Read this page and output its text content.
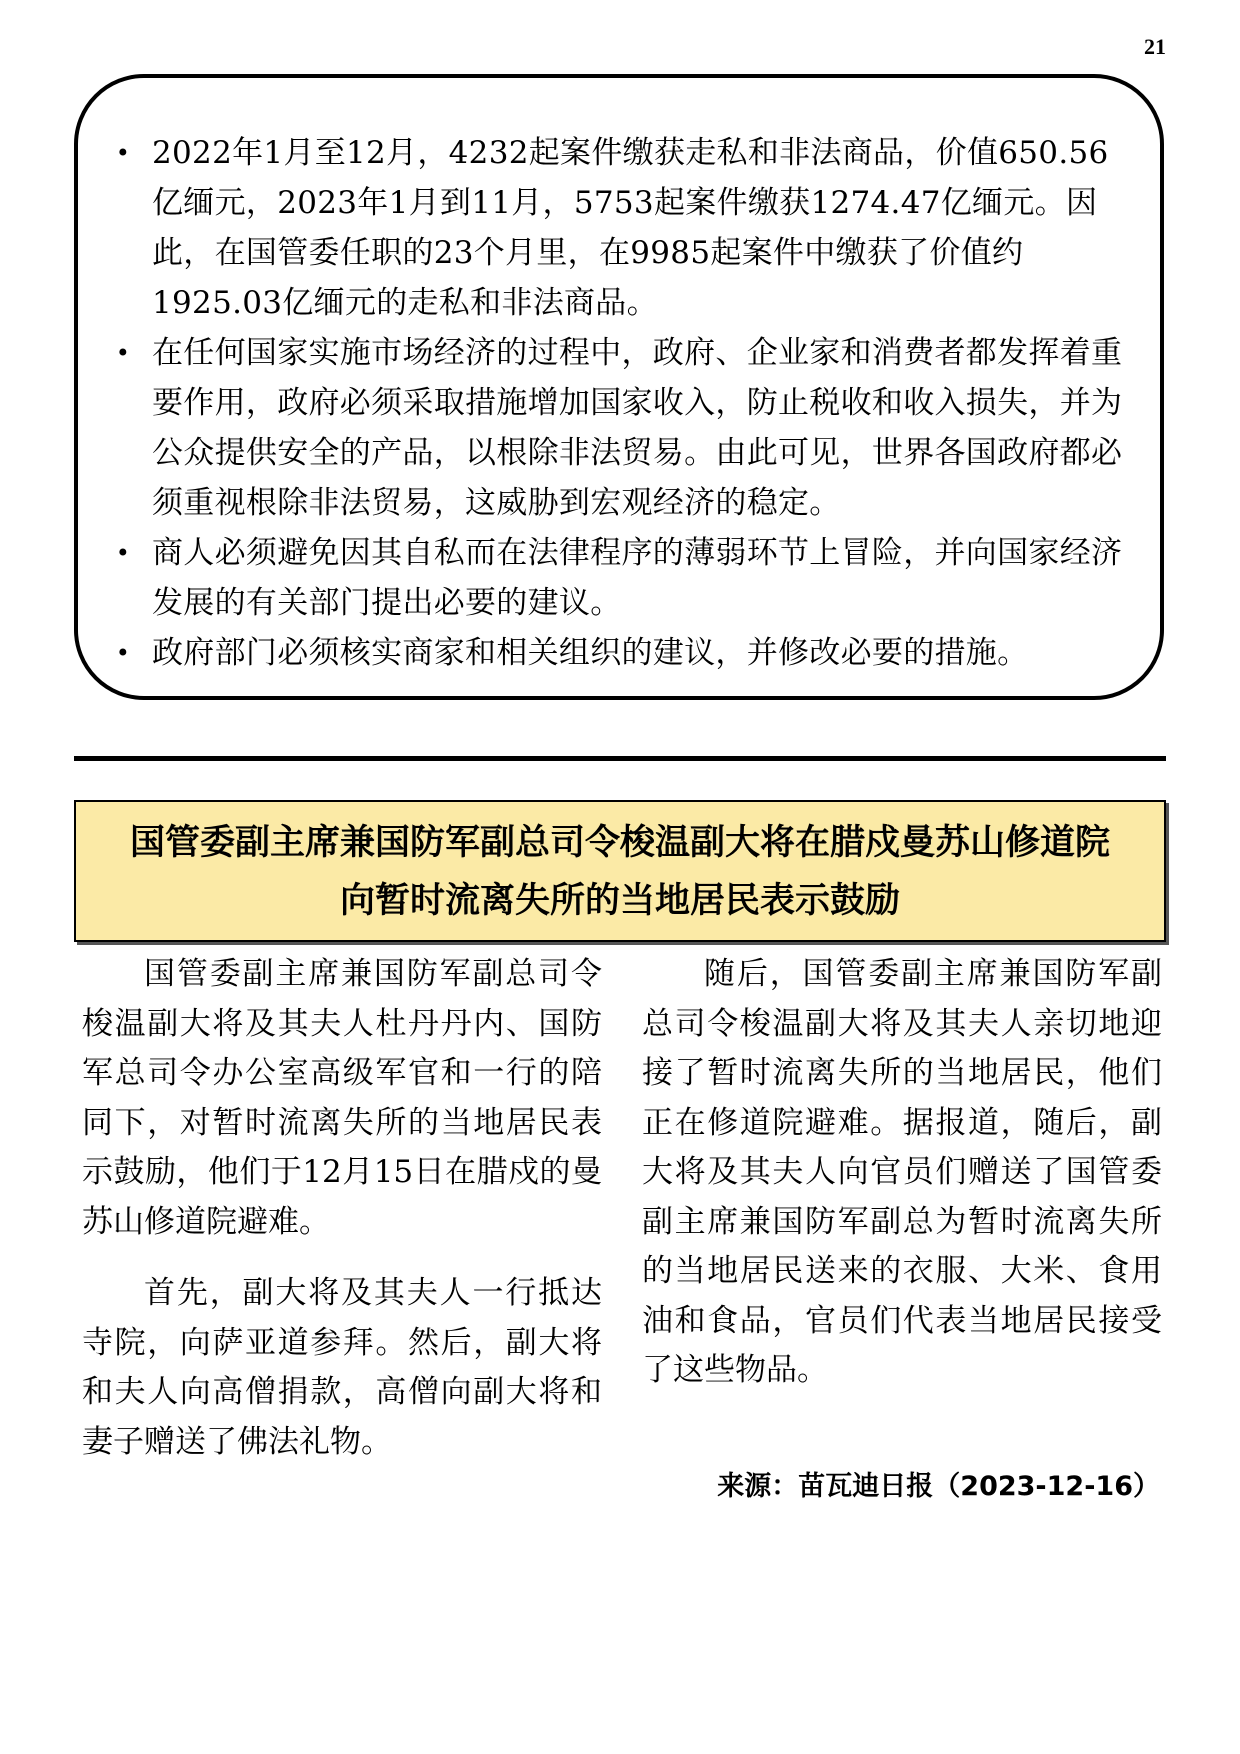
21
• 2022年1月至12月，4232起案件缴获走私和非法商品，价值650.56亿缅元，2023年1月到11月，5753起案件缴获1274.47亿缅元。因此，在国管委任职的23个月里，在9985起案件中缴获了价值约1925.03亿缅元的走私和非法商品。
• 在任何国家实施市场经济的过程中，政府、企业家和消费者都发挥着重要作用，政府必须采取措施增加国家收入，防止税收和收入损失，并为公众提供安全的产品，以根除非法贸易。由此可见，世界各国政府都必须重视根除非法贸易，这威胁到宏观经济的稳定。
• 商人必须避免因其自私而在法律程序的薄弱环节上冒险，并向国家经济发展的有关部门提出必要的建议。
• 政府部门必须核实商家和相关组织的建议，并修改必要的措施。
国管委副主席兼国防军副总司令梭温副大将在腊戍曼苏山修道院
向暂时流离失所的当地居民表示鼓励

国管委副主席兼国防军副总司令梭温副大将及其夫人杜丹丹内、国防军总司令办公室高级军官和一行的陪同下，对暂时流离失所的当地居民表示鼓励，他们于12月15日在腊戍的曼苏山修道院避难。

首先，副大将及其夫人一行抵达寺院，向萨亚道参拜。然后，副大将和夫人向高僧捐款，高僧向副大将和妻子赠送了佛法礼物。

随后，国管委副主席兼国防军副总司令梭温副大将及其夫人亲切地迎接了暂时流离失所的当地居民，他们正在修道院避难。据报道，随后，副大将及其夫人向官员们赠送了国管委副主席兼国防军副总为暂时流离失所的当地居民送来的衣服、大米、食用油和食品，官员们代表当地居民接受了这些物品。

来源：苗瓦迪日报（2023-12-16）
